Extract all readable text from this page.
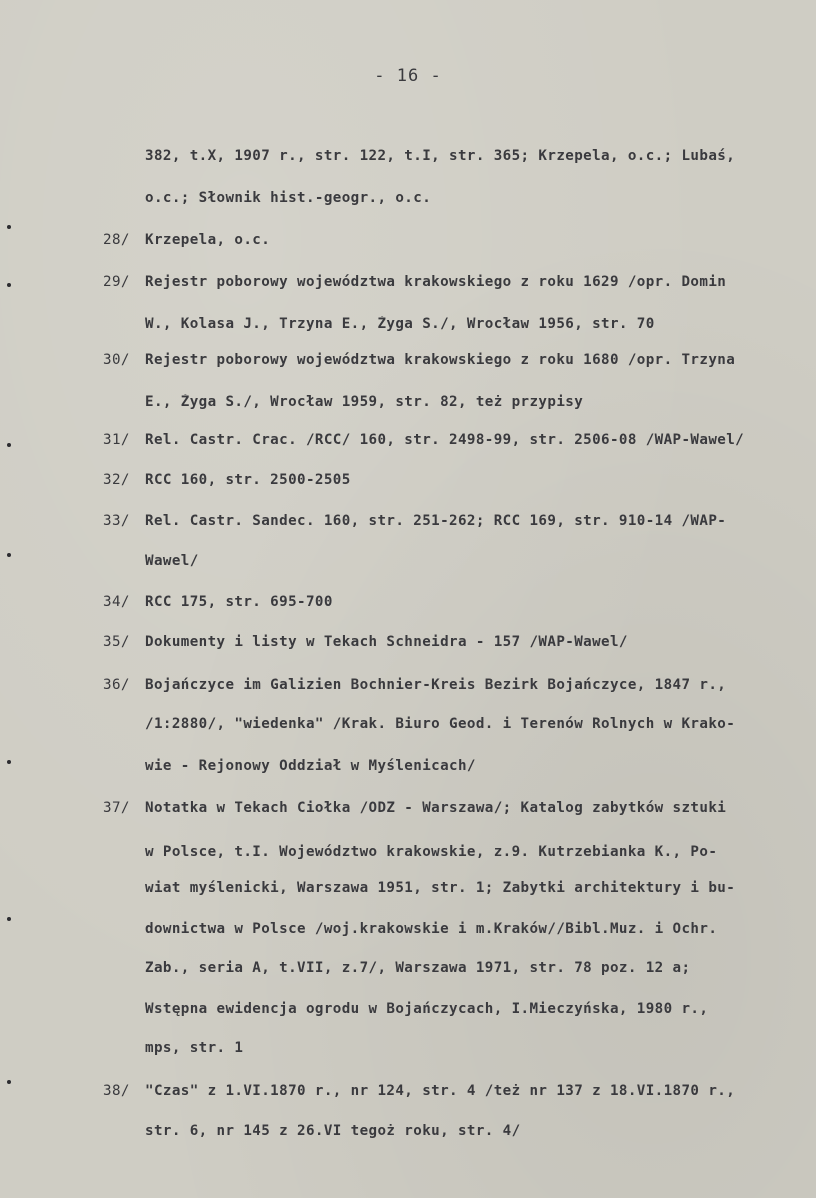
- 16 -
382, t.X, 1907 r., str. 122, t.I, str. 365; Krzepela, o.c.; Lubaś,
o.c.; Słownik hist.-geogr., o.c.
28/ Krzepela, o.c.
29/ Rejestr poborowy województwa krakowskiego z roku 1629 /opr. Domin
W., Kolasa J., Trzyna E., Żyga S./, Wrocław 1956, str. 70
30/ Rejestr poborowy województwa krakowskiego z roku 1680 /opr. Trzyna
E., Żyga S./, Wrocław 1959, str. 82, też przypisy
31/ Rel. Castr. Crac. /RCC/ 160, str. 2498-99, str. 2506-08 /WAP-Wawel/
32/ RCC 160, str. 2500-2505
33/ Rel. Castr. Sandec. 160, str. 251-262; RCC 169, str. 910-14 /WAP-
Wawel/
34/ RCC 175, str. 695-700
35/ Dokumenty i listy w Tekach Schneidra - 157 /WAP-Wawel/
36/ Bojańczyce im Galizien Bochnier-Kreis Bezirk Bojańczyce, 1847 r.,
/1:2880/, "wiedenka" /Krak. Biuro Geod. i Terenów Rolnych w Krako-
wie - Rejonowy Oddział w Myślenicach/
37/ Notatka w Tekach Ciołka /ODZ - Warszawa/; Katalog zabytków sztuki
w Polsce, t.I. Województwo krakowskie, z.9. Kutrzebianka K., Po-
wiat myślenicki, Warszawa 1951, str. 1; Zabytki architektury i bu-
downictwa w Polsce /woj.krakowskie i m.Kraków//Bibl.Muz. i Ochr.
Zab., seria A, t.VII, z.7/, Warszawa 1971, str. 78 poz. 12 a;
Wstępna ewidencja ogrodu w Bojańczycach, I.Mieczyńska, 1980 r.,
mps, str. 1
38/ "Czas" z 1.VI.1870 r., nr 124, str. 4 /też nr 137 z 18.VI.1870 r.,
str. 6, nr 145 z 26.VI tegoż roku, str. 4/
